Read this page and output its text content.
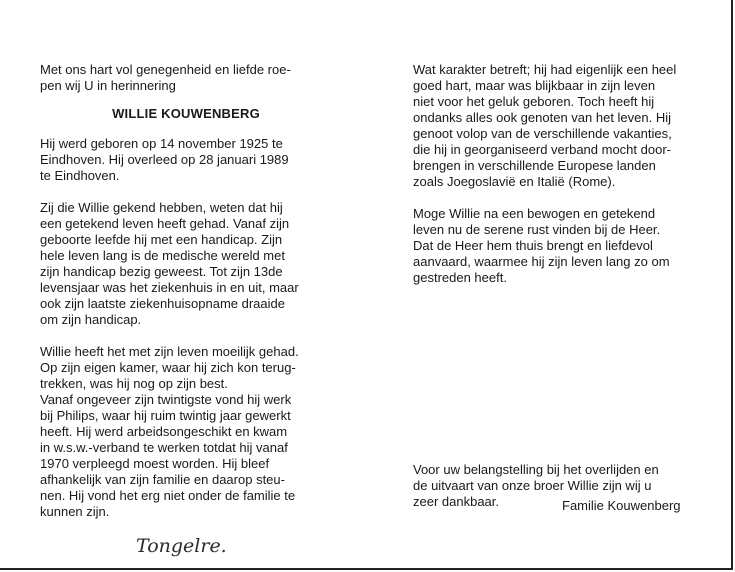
Met ons hart vol genegenheid en liefde roe-
pen wij U in herinnering

WILLIE KOUWENBERG

Hij werd geboren op 14 november 1925 te
Eindhoven. Hij overleed op 28 januari 1989
te Eindhoven.

Zij die Willie gekend hebben, weten dat hij
een getekend leven heeft gehad. Vanaf zijn
geboorte leefde hij met een handicap. Zijn
hele leven lang is de medische wereld met
zijn handicap bezig geweest. Tot zijn 13de
levensjaar was het ziekenhuis in en uit, maar
ook zijn laatste ziekenhuisopname draaide
om zijn handicap.

Willie heeft het met zijn leven moeilijk gehad.
Op zijn eigen kamer, waar hij zich kon terug-
trekken, was hij nog op zijn best.
Vanaf ongeveer zijn twintigste vond hij werk
bij Philips, waar hij ruim twintig jaar gewerkt
heeft. Hij werd arbeidsongeschikt en kwam
in w.s.w.-verband te werken totdat hij vanaf
1970 verpleegd moest worden. Hij bleef
afhankelijk van zijn familie en daarop steu-
nen. Hij vond het erg niet onder de familie te
kunnen zijn.

Wat karakter betreft; hij had eigenlijk een heel
goed hart, maar was blijkbaar in zijn leven
niet voor het geluk geboren. Toch heeft hij
ondanks alles ook genoten van het leven. Hij
genoot volop van de verschillende vakanties,
die hij in georganiseerd verband mocht door-
brengen in verschillende Europese landen
zoals Joegoslavië en Italië (Rome).

Moge Willie na een bewogen en getekend
leven nu de serene rust vinden bij de Heer.
Dat de Heer hem thuis brengt en liefdevol
aanvaard, waarmee hij zijn leven lang zo om
gestreden heeft.

Voor uw belangstelling bij het overlijden en
de uitvaart van onze broer Willie zijn wij u
zeer dankbaar.	Familie Kouwenberg

Tongelre.
